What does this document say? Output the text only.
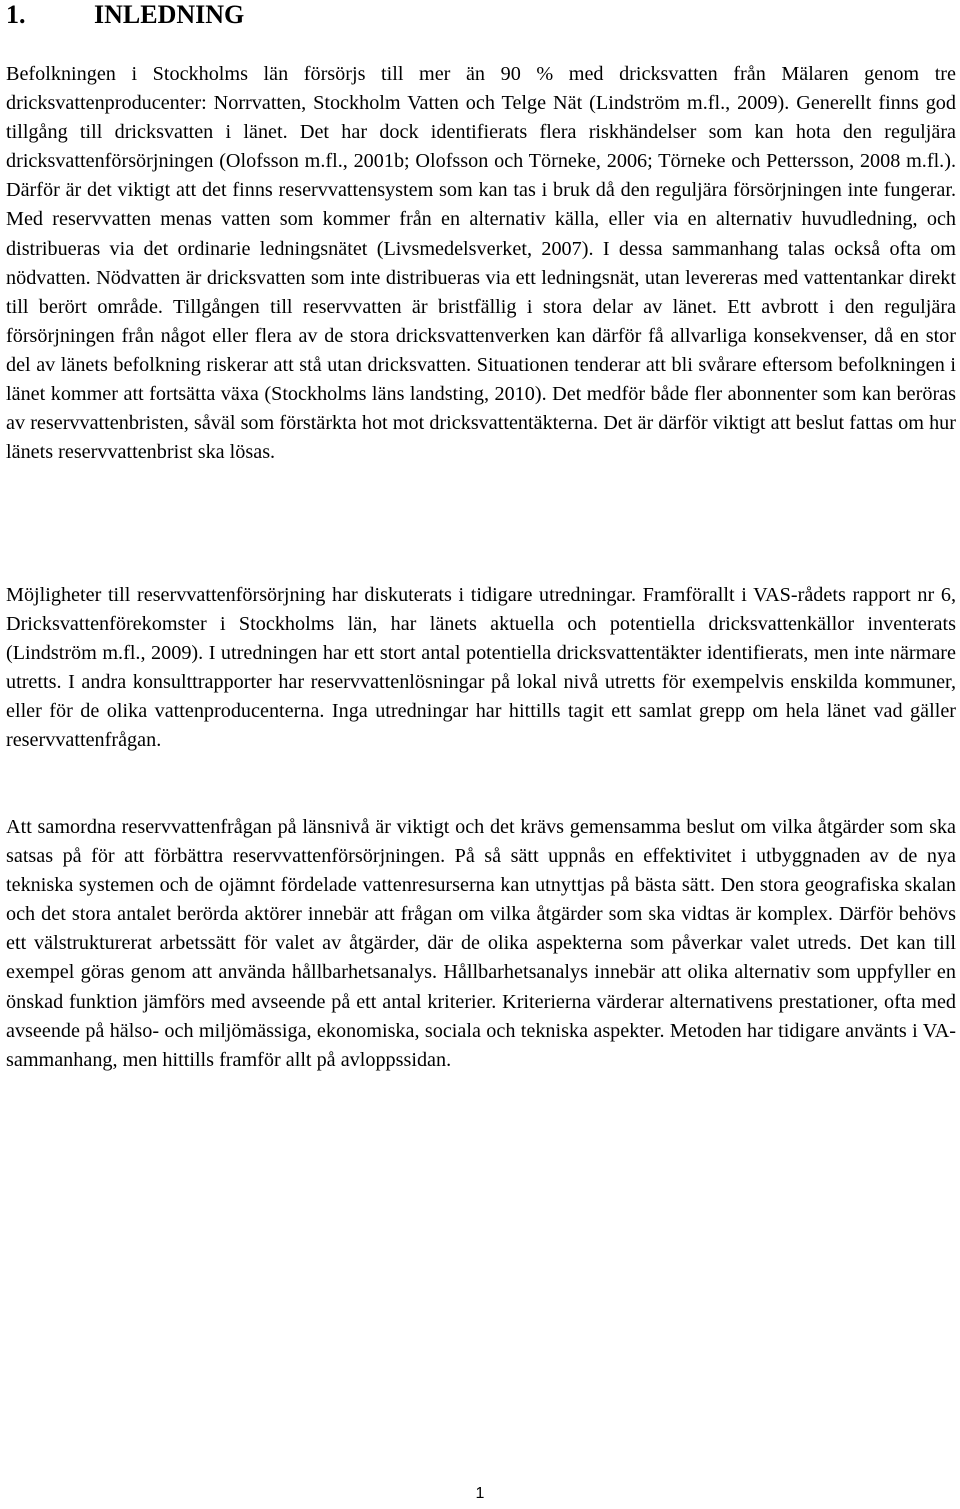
1.	INLEDNING

Befolkningen i Stockholms län försörjs till mer än 90 % med dricksvatten från Mälaren genom tre dricksvattenproducenter: Norrvatten, Stockholm Vatten och Telge Nät (Lindström m.fl., 2009). Generellt finns god tillgång till dricksvatten i länet. Det har dock identifierats flera riskhändelser som kan hota den reguljära dricksvattenförsörjningen (Olofsson m.fl., 2001b; Olofsson och Törneke, 2006; Törneke och Pettersson, 2008 m.fl.). Därför är det viktigt att det finns reservvattensystem som kan tas i bruk då den reguljära försörjningen inte fungerar. Med reservvatten menas vatten som kommer från en alternativ källa, eller via en alternativ huvudledning, och distribueras via det ordinarie ledningsnätet (Livsmedelsverket, 2007). I dessa sammanhang talas också ofta om nödvatten. Nödvatten är dricksvatten som inte distribueras via ett ledningsnät, utan levereras med vattentankar direkt till berört område. Tillgången till reservvatten är bristfällig i stora delar av länet. Ett avbrott i den reguljära försörjningen från något eller flera av de stora dricksvattenverken kan därför få allvarliga konsekvenser, då en stor del av länets befolkning riskerar att stå utan dricksvatten. Situationen tenderar att bli svårare eftersom befolkningen i länet kommer att fortsätta växa (Stockholms läns landsting, 2010). Det medför både fler abonnenter som kan beröras av reservvattenbristen, såväl som förstärkta hot mot dricksvattentäkterna. Det är därför viktigt att beslut fattas om hur länets reservvattenbrist ska lösas.

Möjligheter till reservvattenförsörjning har diskuterats i tidigare utredningar. Framförallt i VAS-rådets rapport nr 6, Dricksvattenförekomster i Stockholms län, har länets aktuella och potentiella dricksvattenkällor inventerats (Lindström m.fl., 2009). I utredningen har ett stort antal potentiella dricksvattentäkter identifierats, men inte närmare utretts. I andra konsulttrapporter har reservvattenlösningar på lokal nivå utretts för exempelvis enskilda kommuner, eller för de olika vattenproducenterna. Inga utredningar har hittills tagit ett samlat grepp om hela länet vad gäller reservvattenfrågan.

Att samordna reservvattenfrågan på länsnivå är viktigt och det krävs gemensamma beslut om vilka åtgärder som ska satsas på för att förbättra reservvattenförsörjningen. På så sätt uppnås en effektivitet i utbyggnaden av de nya tekniska systemen och de ojämnt fördelade vattenresurserna kan utnyttjas på bästa sätt. Den stora geografiska skalan och det stora antalet berörda aktörer innebär att frågan om vilka åtgärder som ska vidtas är komplex. Därför behövs ett välstrukturerat arbetssätt för valet av åtgärder, där de olika aspekterna som påverkar valet utreds. Det kan till exempel göras genom att använda hållbarhetsanalys. Hållbarhetsanalys innebär att olika alternativ som uppfyller en önskad funktion jämförs med avseende på ett antal kriterier. Kriterierna värderar alternativens prestationer, ofta med avseende på hälso- och miljömässiga, ekonomiska, sociala och tekniska aspekter. Metoden har tidigare använts i VA-sammanhang, men hittills framför allt på avloppssidan.

1
